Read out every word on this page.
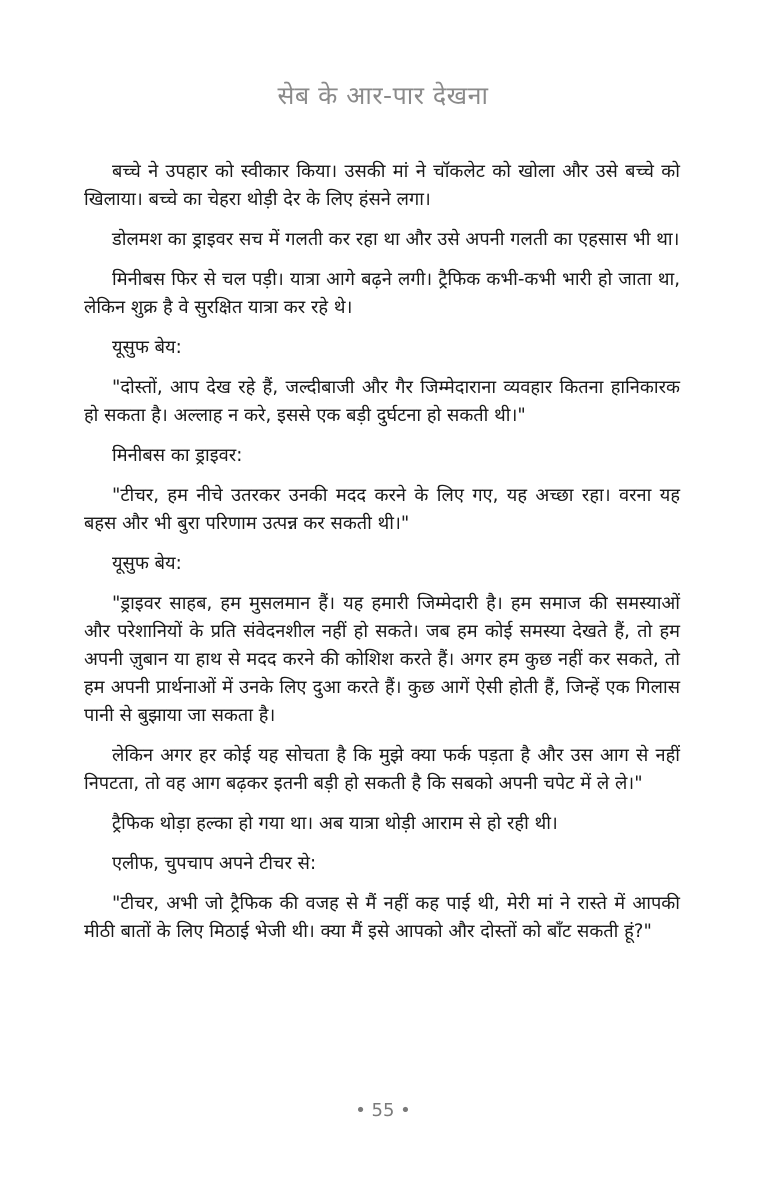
सेब के आर-पार देखना

बच्चे ने उपहार को स्वीकार किया। उसकी मां ने चॉकलेट को खोला और उसे बच्चे को खिलाया। बच्चे का चेहरा थोड़ी देर के लिए हंसने लगा।

डोलमश का ड्राइवर सच में गलती कर रहा था और उसे अपनी गलती का एहसास भी था।

मिनीबस फिर से चल पड़ी। यात्रा आगे बढ़ने लगी। ट्रैफिक कभी-कभी भारी हो जाता था, लेकिन शुक्र है वे सुरक्षित यात्रा कर रहे थे।

यूसुफ बेय:

"दोस्तों, आप देख रहे हैं, जल्दीबाजी और गैर जिम्मेदाराना व्यवहार कितना हानिकारक हो सकता है। अल्लाह न करे, इससे एक बड़ी दुर्घटना हो सकती थी।"

मिनीबस का ड्राइवर:

"टीचर, हम नीचे उतरकर उनकी मदद करने के लिए गए, यह अच्छा रहा। वरना यह बहस और भी बुरा परिणाम उत्पन्न कर सकती थी।"

यूसुफ बेय:

"ड्राइवर साहब, हम मुसलमान हैं। यह हमारी जिम्मेदारी है। हम समाज की समस्याओं और परेशानियों के प्रति संवेदनशील नहीं हो सकते। जब हम कोई समस्या देखते हैं, तो हम अपनी ज़ुबान या हाथ से मदद करने की कोशिश करते हैं। अगर हम कुछ नहीं कर सकते, तो हम अपनी प्रार्थनाओं में उनके लिए दुआ करते हैं। कुछ आगें ऐसी होती हैं, जिन्हें एक गिलास पानी से बुझाया जा सकता है।

लेकिन अगर हर कोई यह सोचता है कि मुझे क्या फर्क पड़ता है और उस आग से नहीं निपटता, तो वह आग बढ़कर इतनी बड़ी हो सकती है कि सबको अपनी चपेट में ले ले।"

ट्रैफिक थोड़ा हल्का हो गया था। अब यात्रा थोड़ी आराम से हो रही थी।

एलीफ, चुपचाप अपने टीचर से:

"टीचर, अभी जो ट्रैफिक की वजह से मैं नहीं कह पाई थी, मेरी मां ने रास्ते में आपकी मीठी बातों के लिए मिठाई भेजी थी। क्या मैं इसे आपको और दोस्तों को बाँट सकती हूं?"

• 55 •
